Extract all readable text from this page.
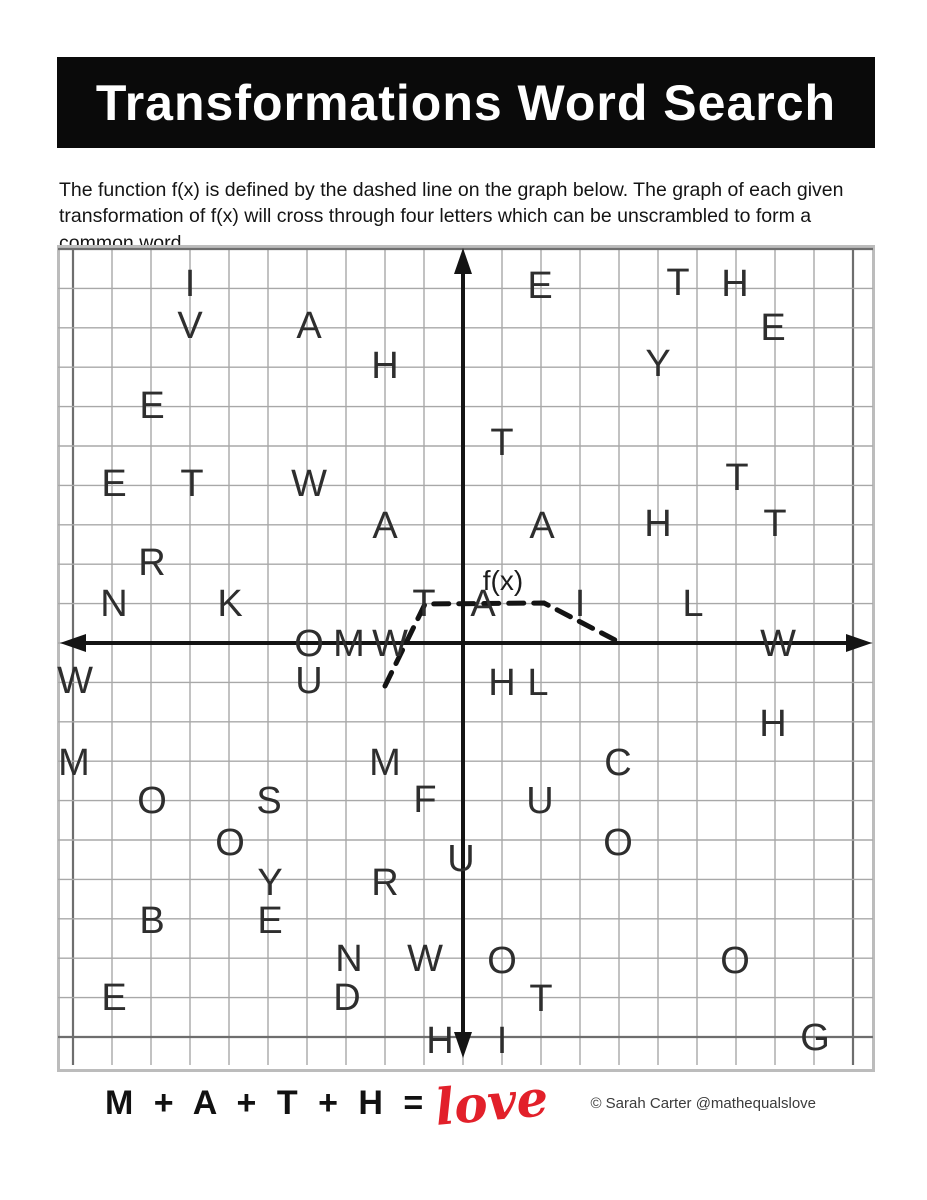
Transformations Word Search

The function f(x) is defined by the dashed line on the graph below. The graph of each given transformation of f(x) will cross through four letters which can be unscrambled to form a common word.

I	E	T H
V A	E
H	Y
E
T
E T W	T
A	A H T
R
N K	T A I	L
O M W	W
W	U	H L
H
M	M	C
O S	F U
O	O
U
Y R
B E
N W O	O
E	D	T
H I	G
f(x)
M + A + T + H = love	© Sarah Carter @mathequalslove
